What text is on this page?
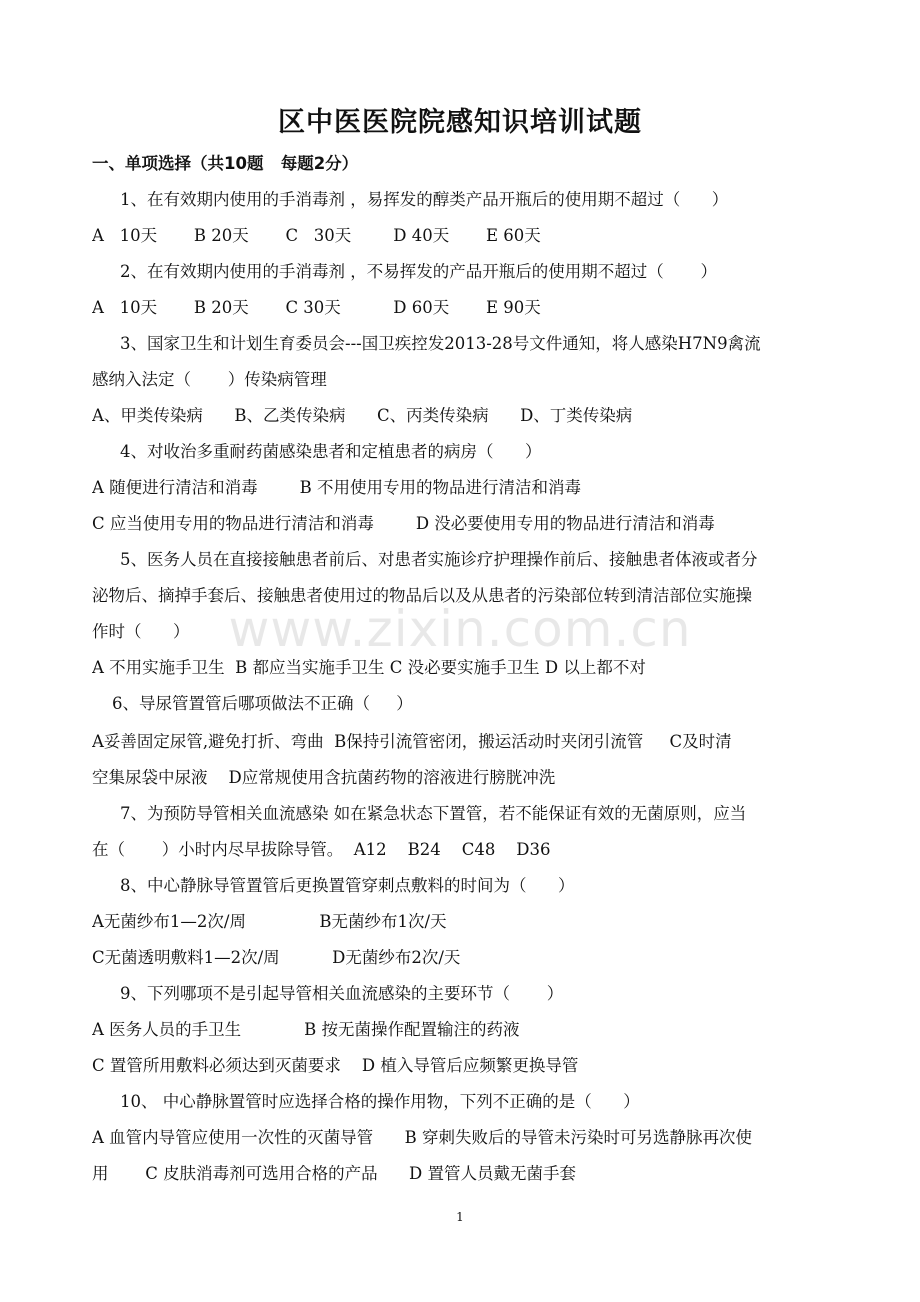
区中医医院院感知识培训试题
一、单项选择（共10题   每题2分）
1、在有效期内使用的手消毒剂 ，易挥发的醇类产品开瓶后的使用期不超过（      ）
A   10天       B 20天       C   30天        D 40天       E 60天
2、在有效期内使用的手消毒剂 ，不易挥发的产品开瓶后的使用期不超过（       ）
A   10天       B 20天       C 30天          D 60天       E 90天
3、国家卫生和计划生育委员会---国卫疾控发2013-28号文件通知，将人感染H7N9禽流
感纳入法定（       ）传染病管理
A、甲类传染病      B、乙类传染病      C、丙类传染病      D、丁类传染病
4、对收治多重耐药菌感染患者和定植患者的病房（      ）
A 随便进行清洁和消毒        B 不用使用专用的物品进行清洁和消毒
C 应当使用专用的物品进行清洁和消毒        D 没必要使用专用的物品进行清洁和消毒
5、医务人员在直接接触患者前后、对患者实施诊疗护理操作前后、接触患者体液或者分
泌物后、摘掉手套后、接触患者使用过的物品后以及从患者的污染部位转到清洁部位实施操
作时（      ）
A 不用实施手卫生  B 都应当实施手卫生 C 没必要实施手卫生 D 以上都不对
6、导尿管置管后哪项做法不正确（     ）
A妥善固定尿管,避免打折、弯曲  B保持引流管密闭，搬运活动时夹闭引流管     C及时清
空集尿袋中尿液    D应常规使用含抗菌药物的溶液进行膀胱冲洗
7、为预防导管相关血流感染 如在紧急状态下置管，若不能保证有效的无菌原则，应当
在（       ）小时内尽早拔除导管。  A12    B24    C48    D36
8、中心静脉导管置管后更换置管穿刺点敷料的时间为（      ）
A无菌纱布1—2次/周              B无菌纱布1次/天
C无菌透明敷料1—2次/周          D无菌纱布2次/天
9、下列哪项不是引起导管相关血流感染的主要环节（       ）
A 医务人员的手卫生            B 按无菌操作配置输注的药液
C 置管所用敷料必须达到灭菌要求    D 植入导管后应频繁更换导管
10、 中心静脉置管时应选择合格的操作用物，下列不正确的是（      ）
A 血管内导管应使用一次性的灭菌导管      B 穿刺失败后的导管未污染时可另选静脉再次使
用       C 皮肤消毒剂可选用合格的产品      D 置管人员戴无菌手套
www.zixin.com.cn
1
